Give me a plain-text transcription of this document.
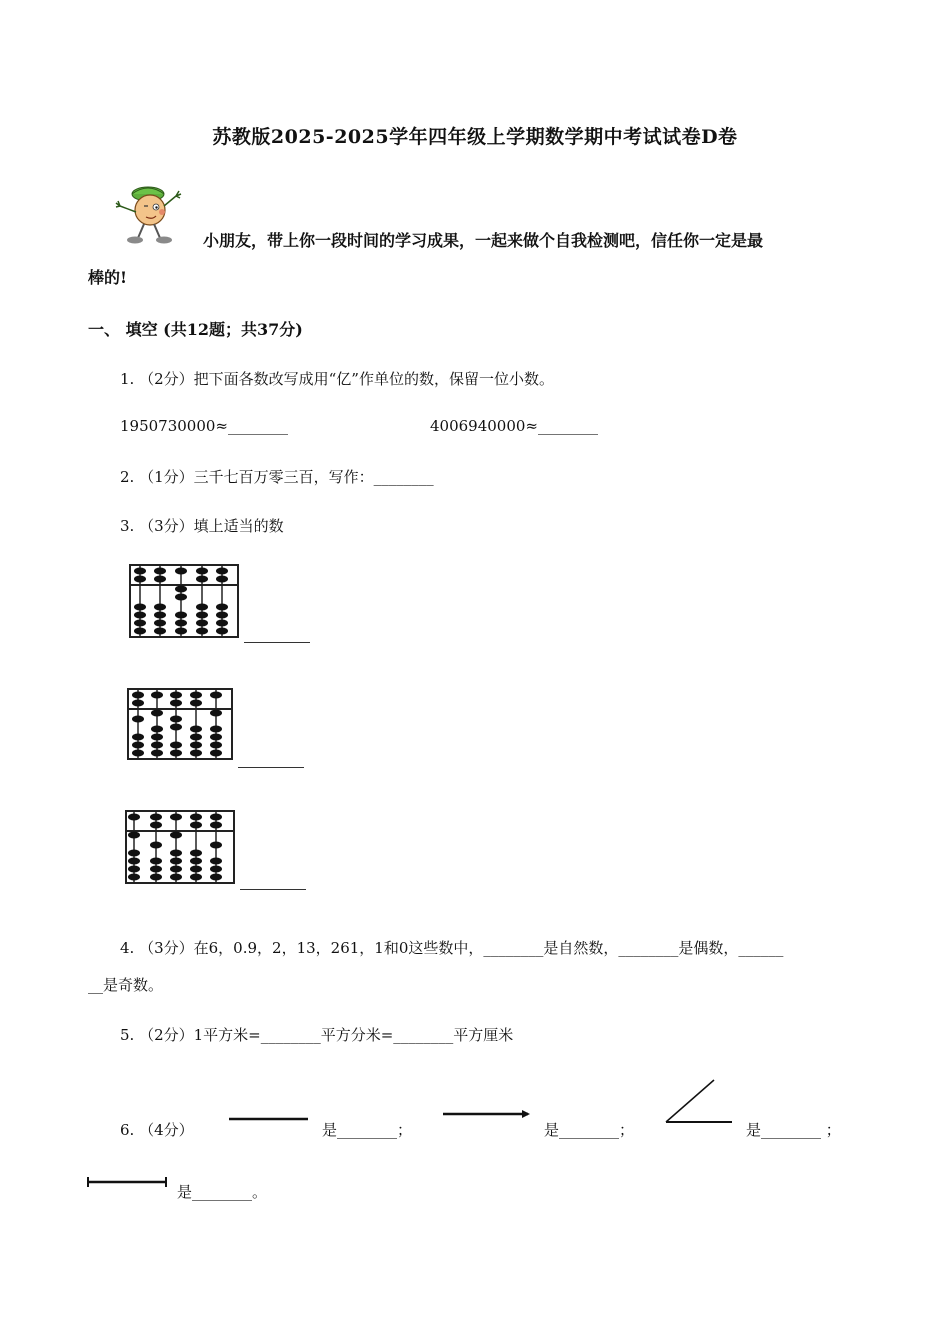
苏教版2025-2025学年四年级上学期数学期中考试试卷D卷
小朋友，带上你一段时间的学习成果，一起来做个自我检测吧，信任你一定是最
棒的!
一、 填空 (共12题；共37分)
1. （2分）把下面各数改写成用“亿”作单位的数，保留一位小数。
1950730000≈________	4006940000≈________
2. （1分）三千七百万零三百，写作：________
3. （3分）填上适当的数
4. （3分）在6，0.9，2，13，261，1和0这些数中，________是自然数，________是偶数，______
__是奇数。
5. （2分）1平方米=________平方分米=________平方厘米
6. （4分）	是________；	是________；	是________ ；
是________。
